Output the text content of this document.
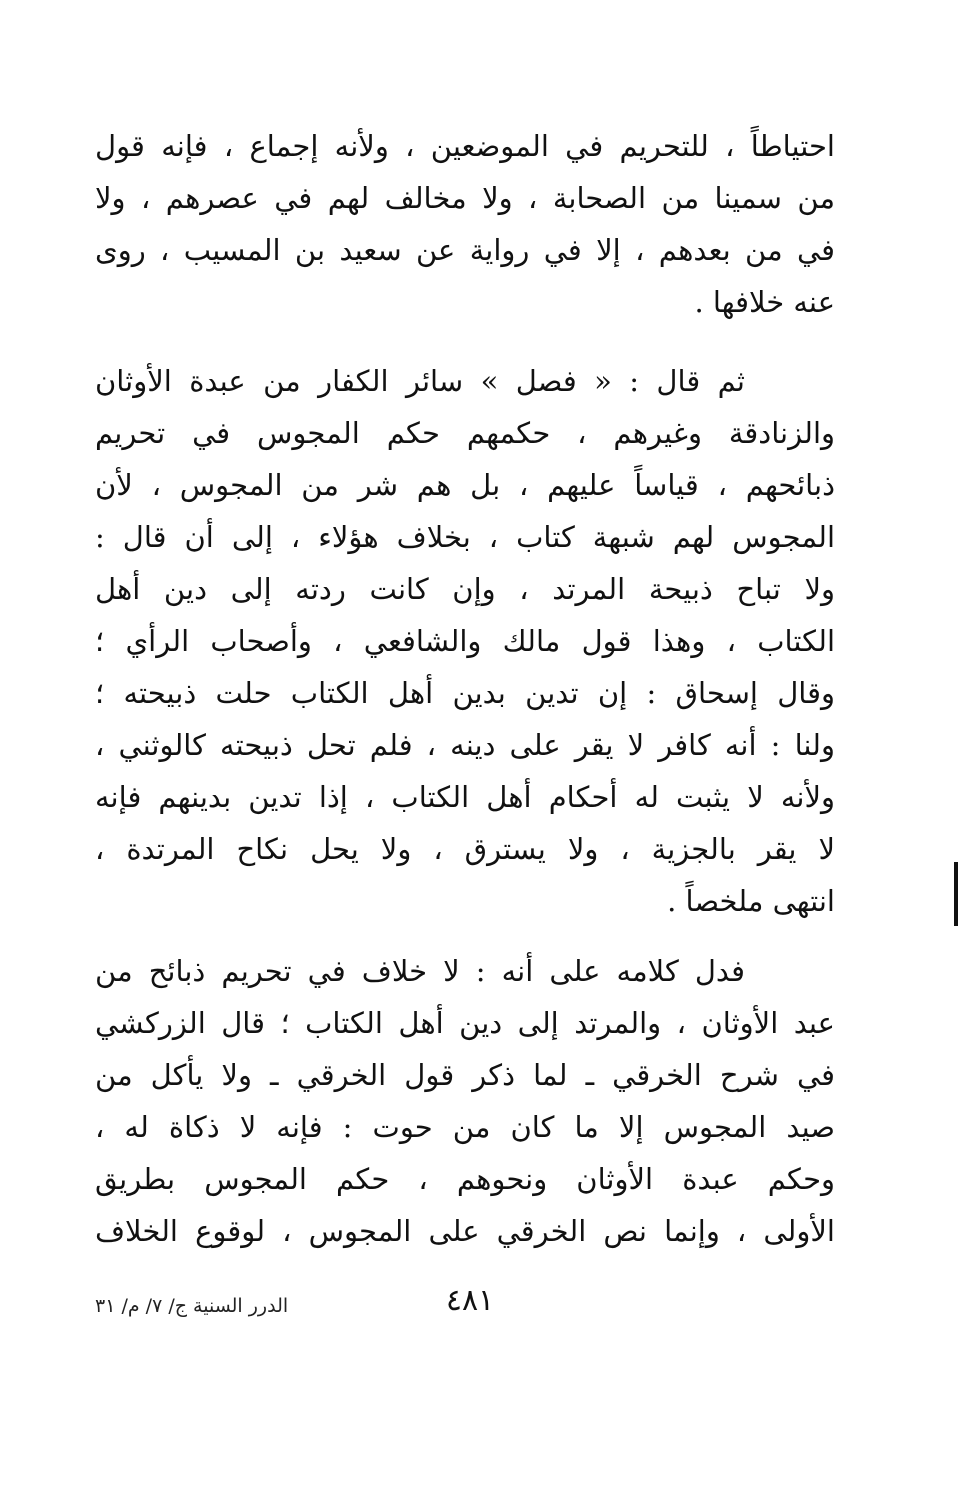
احتياطاً ، للتحريم في الموضعين ، ولأنه إجماع ، فإنه قول
من سمينا من الصحابة ، ولا مخالف لهم في عصرهم ، ولا
في من بعدهم ، إلا في رواية عن سعيد بن المسيب ، روى
عنه خلافها .
ثم قال : « فصل » سائر الكفار من عبدة الأوثان
والزنادقة وغيرهم ، حكمهم حكم المجوس في تحريم
ذبائحهم ، قياساً عليهم ، بل هم شر من المجوس ، لأن
المجوس لهم شبهة كتاب ، بخلاف هؤلاء ، إلى أن قال :
ولا تباح ذبيحة المرتد ، وإن كانت ردته إلى دين أهل
الكتاب ، وهذا قول مالك والشافعي ، وأصحاب الرأي ؛
وقال إسحاق : إن تدين بدين أهل الكتاب حلت ذبيحته ؛
ولنا : أنه كافر لا يقر على دينه ، فلم تحل ذبيحته كالوثني ،
ولأنه لا يثبت له أحكام أهل الكتاب ، إذا تدين بدينهم فإنه
لا يقر بالجزية ، ولا يسترق ، ولا يحل نكاح المرتدة ،
انتهى ملخصاً .
فدل كلامه على أنه : لا خلاف في تحريم ذبائح من
عبد الأوثان ، والمرتد إلى دين أهل الكتاب ؛ قال الزركشي
في شرح الخرقي ـ لما ذكر قول الخرقي ـ ولا يأكل من
صيد المجوس إلا ما كان من حوت : فإنه لا ذكاة له ،
وحكم عبدة الأوثان ونحوهم ، حكم المجوس بطريق
الأولى ، وإنما نص الخرقي على المجوس ، لوقوع الخلاف
٤٨١
الدرر السنية ج/ ٧/ م/ ٣١
